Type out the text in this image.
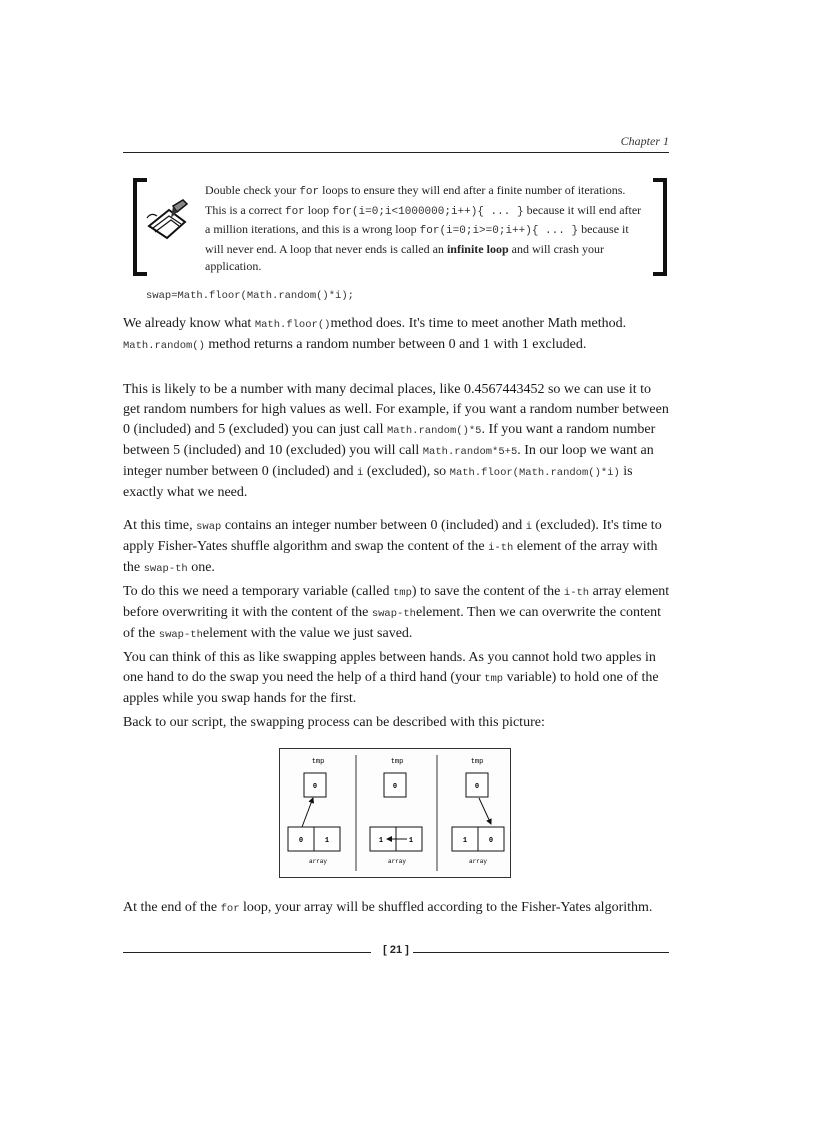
Chapter 1
Double check your for loops to ensure they will end after a finite number of iterations. This is a correct for loop for(i=0;i<1000000;i++){ ... } because it will end after a million iterations, and this is a wrong loop for(i=0;i>=0;i++){ ... } because it will never end. A loop that never ends is called an infinite loop and will crash your application.
swap=Math.floor(Math.random()*i);
We already know what Math.floor()method does. It's time to meet another Math method. Math.random() method returns a random number between 0 and 1 with 1 excluded.
This is likely to be a number with many decimal places, like 0.4567443452 so we can use it to get random numbers for high values as well. For example, if you want a random number between 0 (included) and 5 (excluded) you can just call Math.random()*5. If you want a random number between 5 (included) and 10 (excluded) you will call Math.random*5+5. In our loop we want an integer number between 0 (included) and i (excluded), so Math.floor(Math.random()*i) is exactly what we need.
At this time, swap contains an integer number between 0 (included) and i (excluded). It's time to apply Fisher-Yates shuffle algorithm and swap the content of the i-th element of the array with the swap-th one.
To do this we need a temporary variable (called tmp) to save the content of the i-th array element before overwriting it with the content of the swap-thelement. Then we can overwrite the content of the swap-thelement with the value we just saved.
You can think of this as like swapping apples between hands. As you cannot hold two apples in one hand to do the swap you need the help of a third hand (your tmp variable) to hold one of the apples while you swap hands for the first.
Back to our script, the swapping process can be described with this picture:
tmp
0
0	1
array
tmp
0
1	1
array
tmp
0
1	0
array
At the end of the for loop, your array will be shuffled according to the Fisher-Yates algorithm.
[ 21 ]
